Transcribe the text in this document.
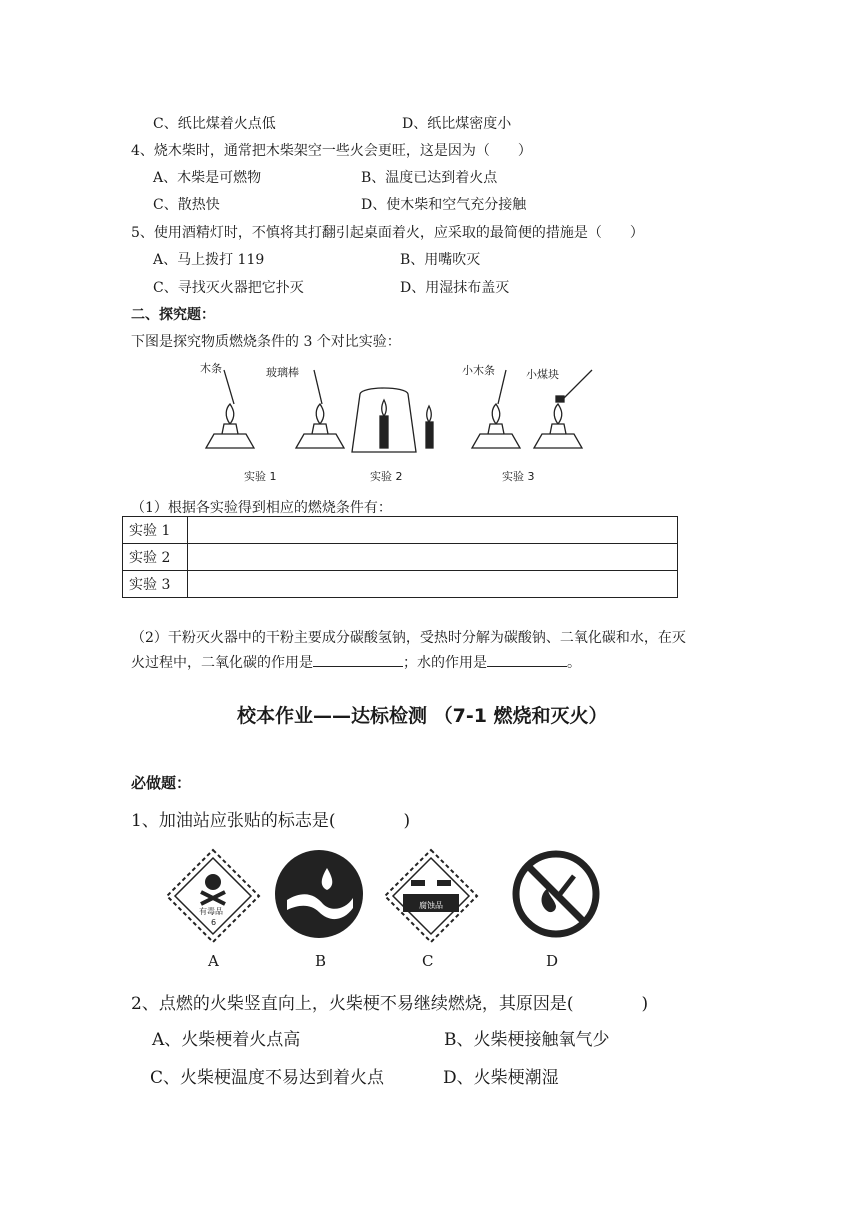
C、纸比煤着火点低	D、纸比煤密度小
4、烧木柴时，通常把木柴架空一些火会更旺，这是因为（　　）
A、木柴是可燃物	B、温度已达到着火点
C、散热快	D、使木柴和空气充分接触
5、使用酒精灯时，不慎将其打翻引起桌面着火，应采取的最简便的措施是（　　）
A、马上拨打 119	B、用嘴吹灭
C、寻找灭火器把它扑灭	D、用湿抹布盖灭
二、探究题：
下图是探究物质燃烧条件的 3 个对比实验：
木条	玻璃棒	小木条	小煤块
实验 1	实验 2	实验 3
（1）根据各实验得到相应的燃烧条件有：
实验 1	
实验 2	
实验 3	
（2）干粉灭火器中的干粉主要成分碳酸氢钠，受热时分解为碳酸钠、二氧化碳和水，在灭
火过程中，二氧化碳的作用是	；水的作用是	。
校本作业——达标检测 （7-1 燃烧和灭火）
必做题：
1、加油站应张贴的标志是(　　　　)
有毒品
6
腐蚀品
A	B	C	D
2、点燃的火柴竖直向上，火柴梗不易继续燃烧，其原因是(　　　　)
A、火柴梗着火点高	B、火柴梗接触氧气少
C、火柴梗温度不易达到着火点	D、火柴梗潮湿
